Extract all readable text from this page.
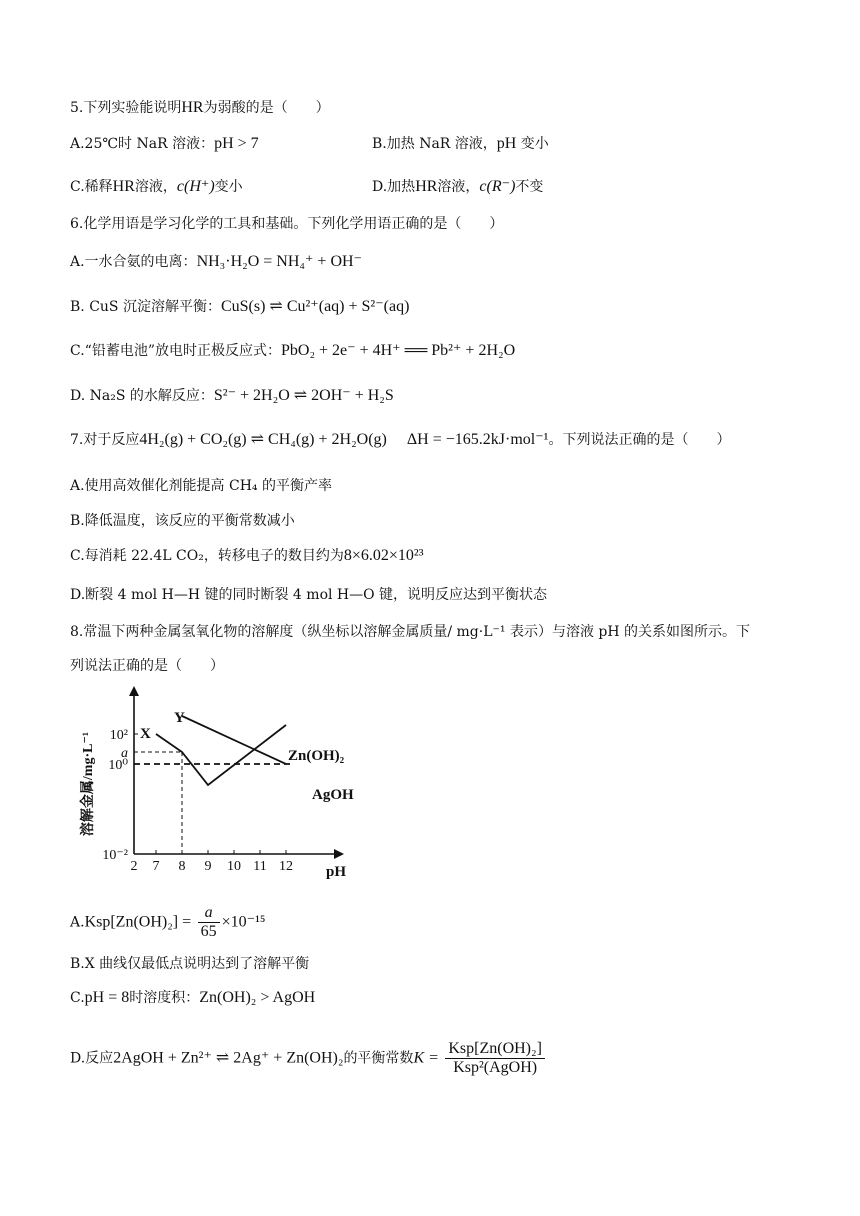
5.下列实验能说明HR为弱酸的是（　　）
A.25℃时 NaR 溶液：pH > 7	B.加热 NaR 溶液，pH 变小
C.稀释HR溶液，c(H⁺)变小	D.加热HR溶液，c(R⁻)不变
6.化学用语是学习化学的工具和基础。下列化学用语正确的是（　　）
A.一水合氨的电离：NH₃·H₂O = NH₄⁺ + OH⁻
B. CuS 沉淀溶解平衡：CuS(s) ⇌ Cu²⁺(aq) + S²⁻(aq)
C.“铅蓄电池”放电时正极反应式：PbO₂ + 2e⁻ + 4H⁺ ══ Pb²⁺ + 2H₂O
D. Na₂S 的水解反应：S²⁻ + 2H₂O ⇌ 2OH⁻ + H₂S
7.对于反应4H₂(g) + CO₂(g) ⇌ CH₄(g) + 2H₂O(g)　 ΔH = −165.2kJ·mol⁻¹。下列说法正确的是（　　）
A.使用高效催化剂能提高 CH₄ 的平衡产率
B.降低温度，该反应的平衡常数减小
C.每消耗 22.4L CO₂，转移电子的数目约为8×6.02×10²³
D.断裂 4 mol H—H 键的同时断裂 4 mol H—O 键，说明反应达到平衡状态
8.常温下两种金属氢氧化物的溶解度（纵坐标以溶解金属质量/ mg·L⁻¹ 表示）与溶液 pH 的关系如图所示。下
列说法正确的是（　　）
溶解金属/mg·L⁻¹
pH
2 7 8 9 10 11 12
10²
a
10⁰
10⁻²
X
Y
Zn(OH)₂
AgOH
$A.Ksp[Zn(OH)_2] = \frac{a}{65} \times 10^{-15}$
B.X 曲线仅最低点说明达到了溶解平衡
C.pH = 8时溶度积：Zn(OH)₂ > AgOH
D.反应2AgOH + Zn²⁺ ⇌ 2Ag⁺ + Zn(OH)₂的平衡常数$K = \frac{\text{Ksp[Zn(OH)₂]}}{\text{Ksp²(AgOH)}}$
